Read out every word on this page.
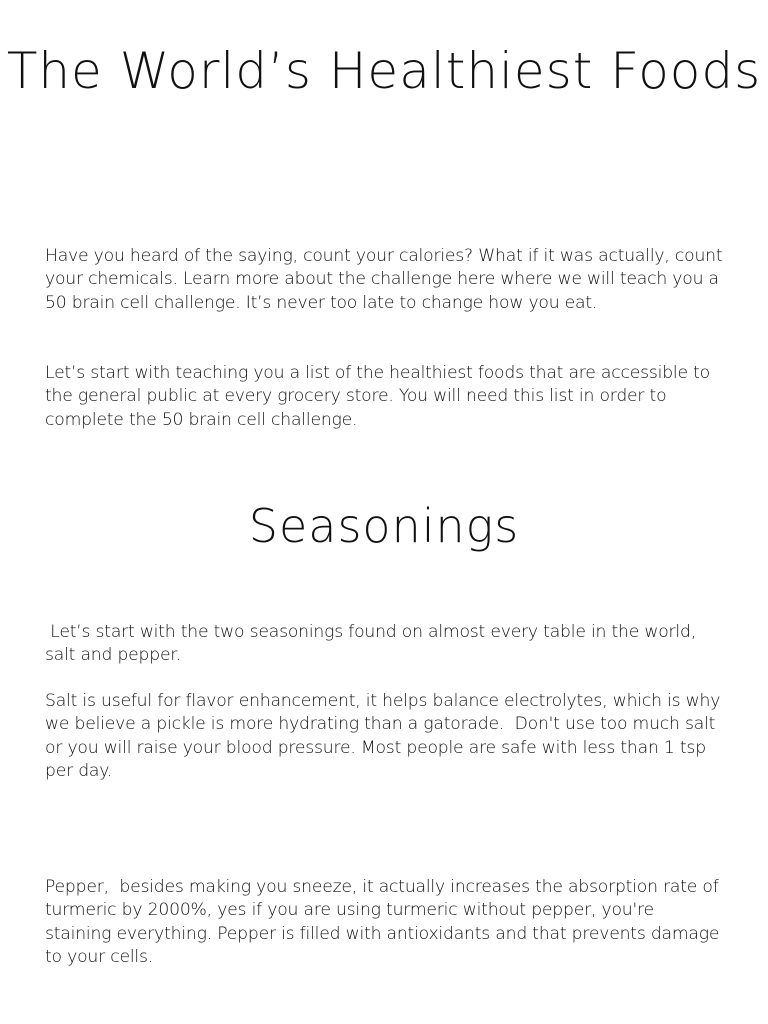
The World’s Healthiest Foods

Have you heard of the saying, count your calories? What if it was actually, count your chemicals. Learn more about the challenge here where we will teach you a 50 brain cell challenge. It’s never too late to change how you eat.

Let’s start with teaching you a list of the healthiest foods that are accessible to the general public at every grocery store. You will need this list in order to complete the 50 brain cell challenge.

Seasonings

Let’s start with the two seasonings found on almost every table in the world, salt and pepper.

Salt is useful for flavor enhancement, it helps balance electrolytes, which is why we believe a pickle is more hydrating than a gatorade.  Don't use too much salt or you will raise your blood pressure. Most people are safe with less than 1 tsp per day.

Pepper,  besides making you sneeze, it actually increases the absorption rate of turmeric by 2000%, yes if you are using turmeric without pepper, you're staining everything. Pepper is filled with antioxidants and that prevents damage to your cells.
